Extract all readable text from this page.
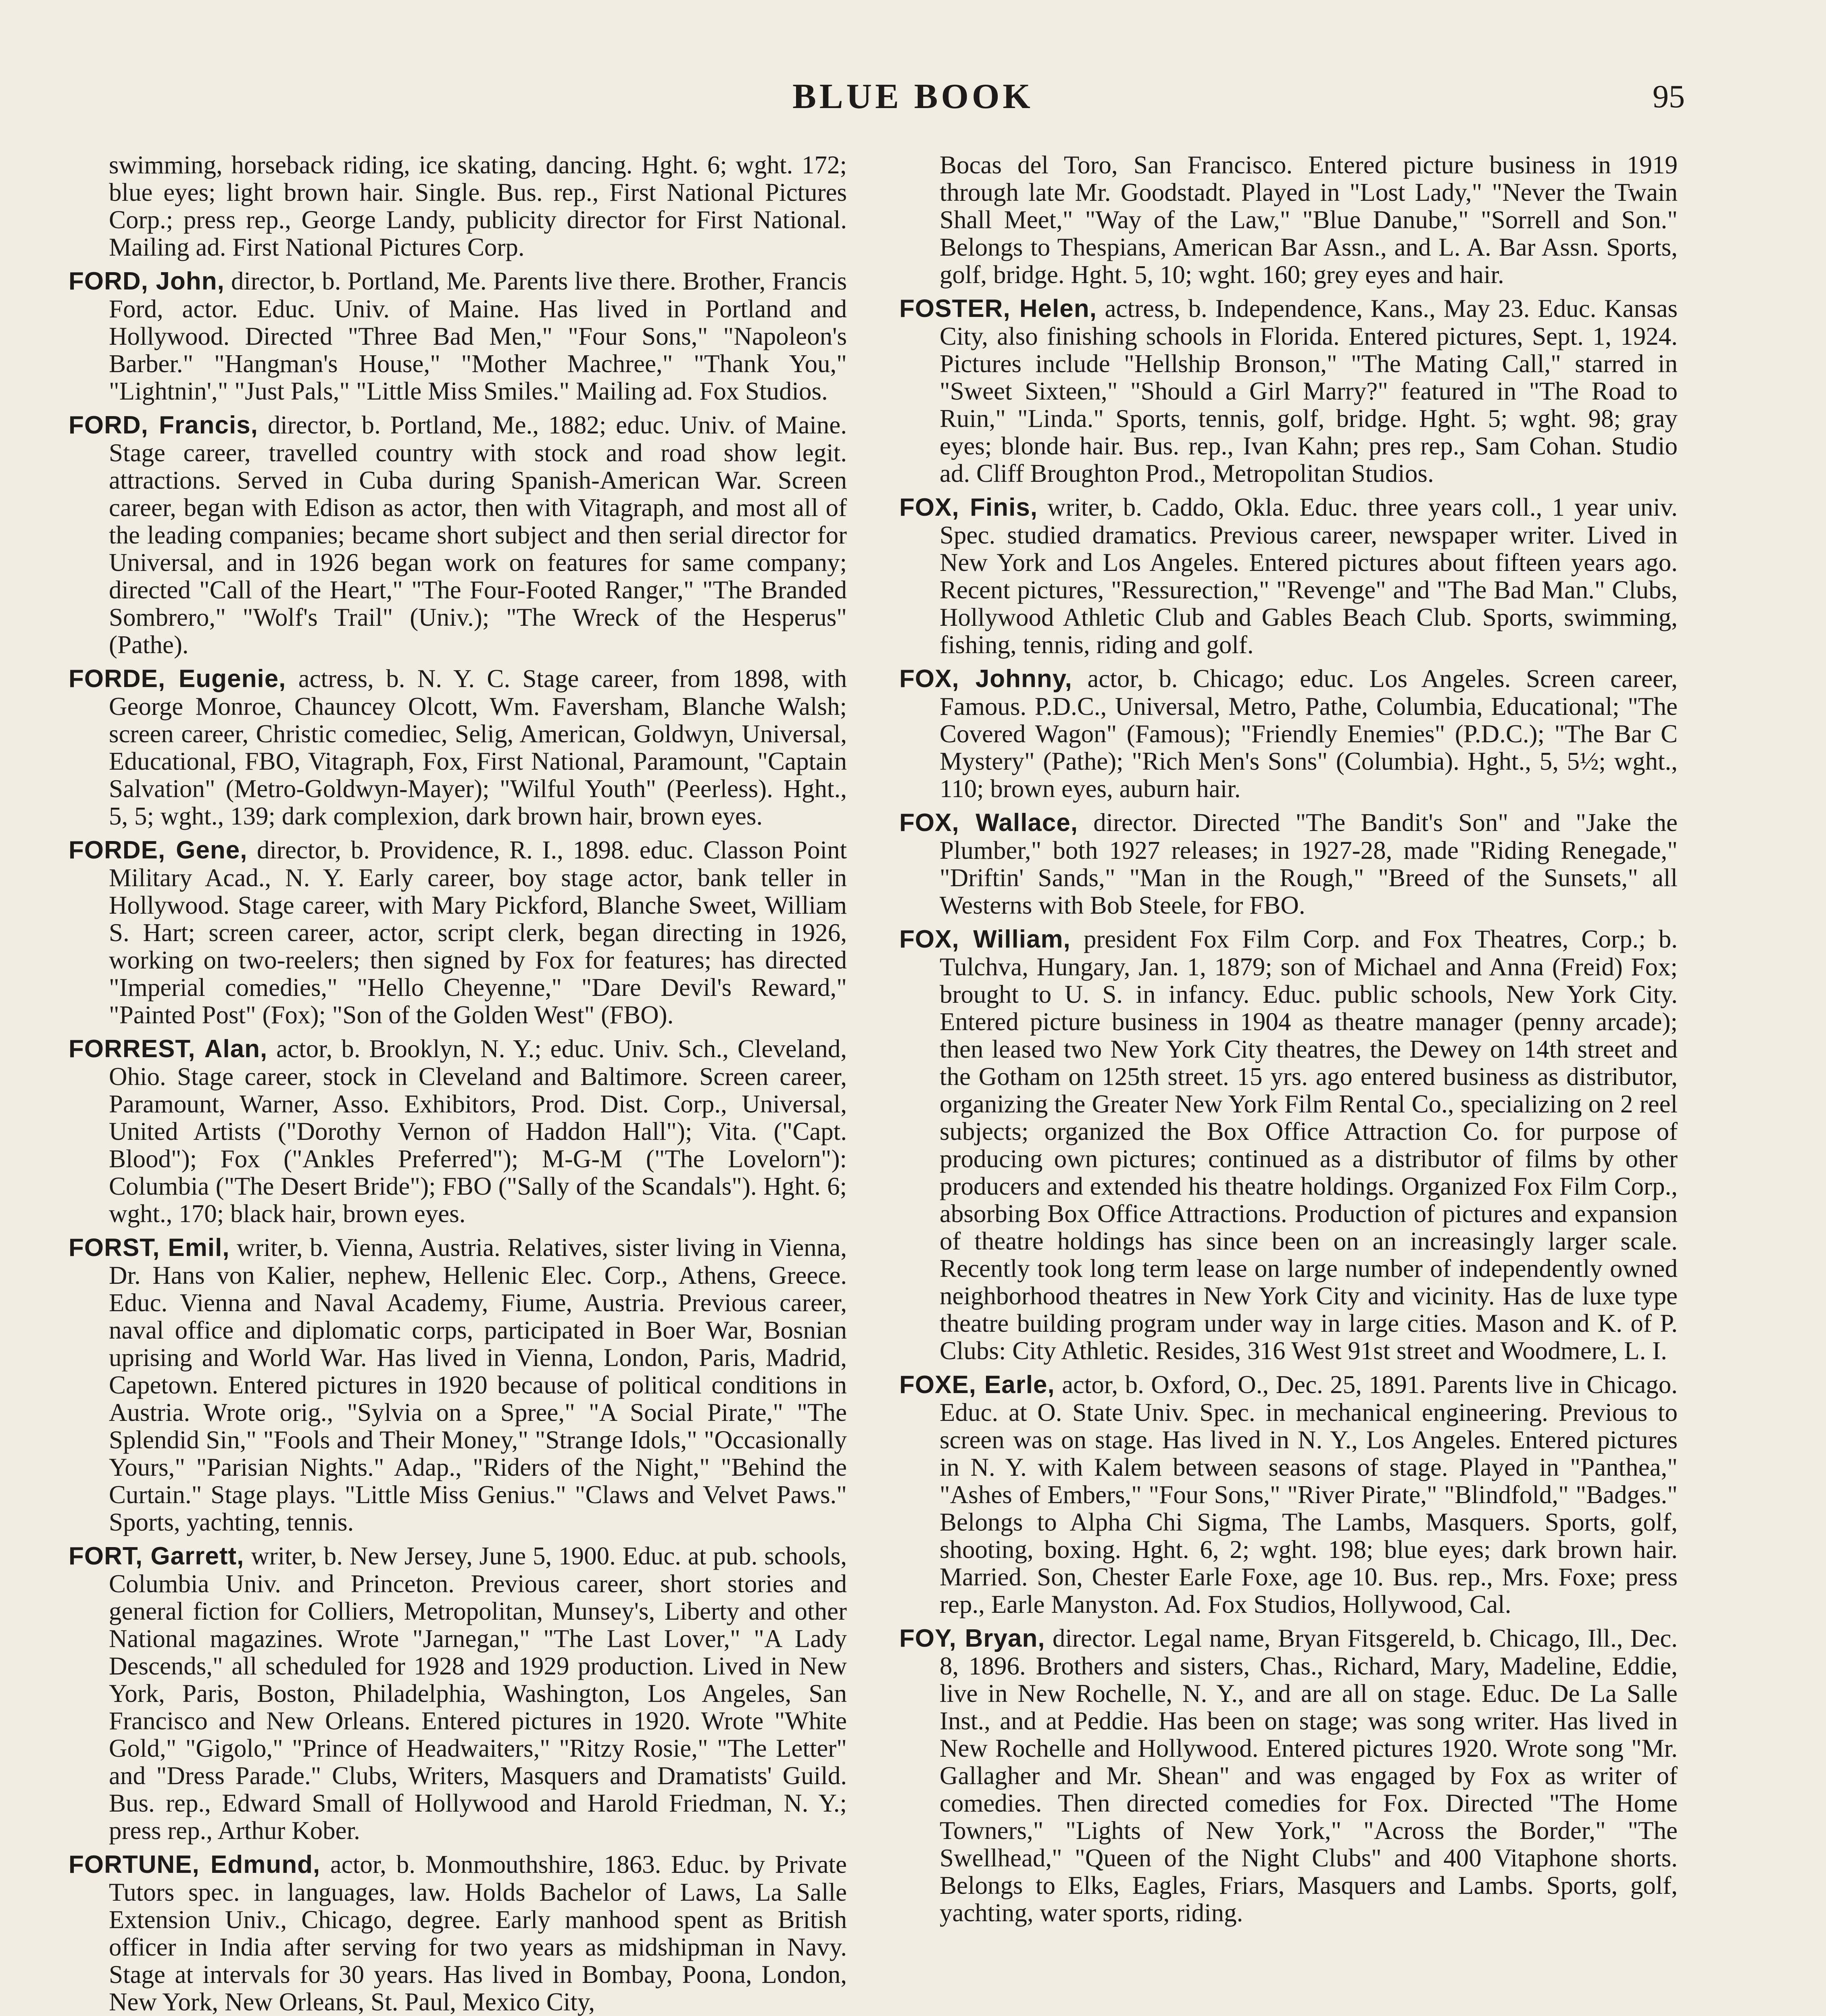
BLUE BOOK	95

swimming, horseback riding, ice skating, dancing. Hght. 6; wght. 172; blue eyes; light brown hair. Single. Bus. rep., First National Pictures Corp.; press rep., George Landy, publicity director for First National. Mailing ad. First National Pictures Corp.

FORD, John, director, b. Portland, Me. Parents live there. Brother, Francis Ford, actor. Educ. Univ. of Maine. Has lived in Portland and Hollywood. Directed "Three Bad Men," "Four Sons," "Napoleon's Barber." "Hangman's House," "Mother Machree," "Thank You," "Lightnin'," "Just Pals," "Little Miss Smiles." Mailing ad. Fox Studios.

FORD, Francis, director, b. Portland, Me., 1882; educ. Univ. of Maine. Stage career, travelled country with stock and road show legit. attractions. Served in Cuba during Spanish-American War. Screen career, began with Edison as actor, then with Vitagraph, and most all of the leading companies; became short subject and then serial director for Universal, and in 1926 began work on features for same company; directed "Call of the Heart," "The Four-Footed Ranger," "The Branded Sombrero," "Wolf's Trail" (Univ.); "The Wreck of the Hesperus" (Pathe).

FORDE, Eugenie, actress, b. N. Y. C. Stage career, from 1898, with George Monroe, Chauncey Olcott, Wm. Faversham, Blanche Walsh; screen career, Christic comediec, Selig, American, Goldwyn, Universal, Educational, FBO, Vitagraph, Fox, First National, Paramount, "Captain Salvation" (Metro-Goldwyn-Mayer); "Wilful Youth" (Peerless). Hght., 5, 5; wght., 139; dark complexion, dark brown hair, brown eyes.

FORDE, Gene, director, b. Providence, R. I., 1898. educ. Classon Point Military Acad., N. Y. Early career, boy stage actor, bank teller in Hollywood. Stage career, with Mary Pickford, Blanche Sweet, William S. Hart; screen career, actor, script clerk, began directing in 1926, working on two-reelers; then signed by Fox for features; has directed "Imperial comedies," "Hello Cheyenne," "Dare Devil's Reward," "Painted Post" (Fox); "Son of the Golden West" (FBO).

FORREST, Alan, actor, b. Brooklyn, N. Y.; educ. Univ. Sch., Cleveland, Ohio. Stage career, stock in Cleveland and Baltimore. Screen career, Paramount, Warner, Asso. Exhibitors, Prod. Dist. Corp., Universal, United Artists ("Dorothy Vernon of Haddon Hall"); Vita. ("Capt. Blood"); Fox ("Ankles Preferred"); M-G-M ("The Lovelorn"): Columbia ("The Desert Bride"); FBO ("Sally of the Scandals"). Hght. 6; wght., 170; black hair, brown eyes.

FORST, Emil, writer, b. Vienna, Austria. Relatives, sister living in Vienna, Dr. Hans von Kalier, nephew, Hellenic Elec. Corp., Athens, Greece. Educ. Vienna and Naval Academy, Fiume, Austria. Previous career, naval office and diplomatic corps, participated in Boer War, Bosnian uprising and World War. Has lived in Vienna, London, Paris, Madrid, Capetown. Entered pictures in 1920 because of political conditions in Austria. Wrote orig., "Sylvia on a Spree," "A Social Pirate," "The Splendid Sin," "Fools and Their Money," "Strange Idols," "Occasionally Yours," "Parisian Nights." Adap., "Riders of the Night," "Behind the Curtain." Stage plays. "Little Miss Genius." "Claws and Velvet Paws." Sports, yachting, tennis.

FORT, Garrett, writer, b. New Jersey, June 5, 1900. Educ. at pub. schools, Columbia Univ. and Princeton. Previous career, short stories and general fiction for Colliers, Metropolitan, Munsey's, Liberty and other National magazines. Wrote "Jarnegan," "The Last Lover," "A Lady Descends," all scheduled for 1928 and 1929 production. Lived in New York, Paris, Boston, Philadelphia, Washington, Los Angeles, San Francisco and New Orleans. Entered pictures in 1920. Wrote "White Gold," "Gigolo," "Prince of Headwaiters," "Ritzy Rosie," "The Letter" and "Dress Parade." Clubs, Writers, Masquers and Dramatists' Guild. Bus. rep., Edward Small of Hollywood and Harold Friedman, N. Y.; press rep., Arthur Kober.

FORTUNE, Edmund, actor, b. Monmouthshire, 1863. Educ. by Private Tutors spec. in languages, law. Holds Bachelor of Laws, La Salle Extension Univ., Chicago, degree. Early manhood spent as British officer in India after serving for two years as midshipman in Navy. Stage at intervals for 30 years. Has lived in Bombay, Poona, London, New York, New Orleans, St. Paul, Mexico City,

Bocas del Toro, San Francisco. Entered picture business in 1919 through late Mr. Goodstadt. Played in "Lost Lady," "Never the Twain Shall Meet," "Way of the Law," "Blue Danube," "Sorrell and Son." Belongs to Thespians, American Bar Assn., and L. A. Bar Assn. Sports, golf, bridge. Hght. 5, 10; wght. 160; grey eyes and hair.

FOSTER, Helen, actress, b. Independence, Kans., May 23. Educ. Kansas City, also finishing schools in Florida. Entered pictures, Sept. 1, 1924. Pictures include "Hellship Bronson," "The Mating Call," starred in "Sweet Sixteen," "Should a Girl Marry?" featured in "The Road to Ruin," "Linda." Sports, tennis, golf, bridge. Hght. 5; wght. 98; gray eyes; blonde hair. Bus. rep., Ivan Kahn; pres rep., Sam Cohan. Studio ad. Cliff Broughton Prod., Metropolitan Studios.

FOX, Finis, writer, b. Caddo, Okla. Educ. three years coll., 1 year univ. Spec. studied dramatics. Previous career, newspaper writer. Lived in New York and Los Angeles. Entered pictures about fifteen years ago. Recent pictures, "Ressurection," "Revenge" and "The Bad Man." Clubs, Hollywood Athletic Club and Gables Beach Club. Sports, swimming, fishing, tennis, riding and golf.

FOX, Johnny, actor, b. Chicago; educ. Los Angeles. Screen career, Famous. P.D.C., Universal, Metro, Pathe, Columbia, Educational; "The Covered Wagon" (Famous); "Friendly Enemies" (P.D.C.); "The Bar C Mystery" (Pathe); "Rich Men's Sons" (Columbia). Hght., 5, 5½; wght., 110; brown eyes, auburn hair.

FOX, Wallace, director. Directed "The Bandit's Son" and "Jake the Plumber," both 1927 releases; in 1927-28, made "Riding Renegade," "Driftin' Sands," "Man in the Rough," "Breed of the Sunsets," all Westerns with Bob Steele, for FBO.

FOX, William, president Fox Film Corp. and Fox Theatres, Corp.; b. Tulchva, Hungary, Jan. 1, 1879; son of Michael and Anna (Freid) Fox; brought to U. S. in infancy. Educ. public schools, New York City. Entered picture business in 1904 as theatre manager (penny arcade); then leased two New York City theatres, the Dewey on 14th street and the Gotham on 125th street. 15 yrs. ago entered business as distributor, organizing the Greater New York Film Rental Co., specializing on 2 reel subjects; organized the Box Office Attraction Co. for purpose of producing own pictures; continued as a distributor of films by other producers and extended his theatre holdings. Organized Fox Film Corp., absorbing Box Office Attractions. Production of pictures and expansion of theatre holdings has since been on an increasingly larger scale. Recently took long term lease on large number of independently owned neighborhood theatres in New York City and vicinity. Has de luxe type theatre building program under way in large cities. Mason and K. of P. Clubs: City Athletic. Resides, 316 West 91st street and Woodmere, L. I.

FOXE, Earle, actor, b. Oxford, O., Dec. 25, 1891. Parents live in Chicago. Educ. at O. State Univ. Spec. in mechanical engineering. Previous to screen was on stage. Has lived in N. Y., Los Angeles. Entered pictures in N. Y. with Kalem between seasons of stage. Played in "Panthea," "Ashes of Embers," "Four Sons," "River Pirate," "Blindfold," "Badges." Belongs to Alpha Chi Sigma, The Lambs, Masquers. Sports, golf, shooting, boxing. Hght. 6, 2; wght. 198; blue eyes; dark brown hair. Married. Son, Chester Earle Foxe, age 10. Bus. rep., Mrs. Foxe; press rep., Earle Manyston. Ad. Fox Studios, Hollywood, Cal.

FOY, Bryan, director. Legal name, Bryan Fitsgereld, b. Chicago, Ill., Dec. 8, 1896. Brothers and sisters, Chas., Richard, Mary, Madeline, Eddie, live in New Rochelle, N. Y., and are all on stage. Educ. De La Salle Inst., and at Peddie. Has been on stage; was song writer. Has lived in New Rochelle and Hollywood. Entered pictures 1920. Wrote song "Mr. Gallagher and Mr. Shean" and was engaged by Fox as writer of comedies. Then directed comedies for Fox. Directed "The Home Towners," "Lights of New York," "Across the Border," "The Swellhead," "Queen of the Night Clubs" and 400 Vitaphone shorts. Belongs to Elks, Eagles, Friars, Masquers and Lambs. Sports, golf, yachting, water sports, riding.
